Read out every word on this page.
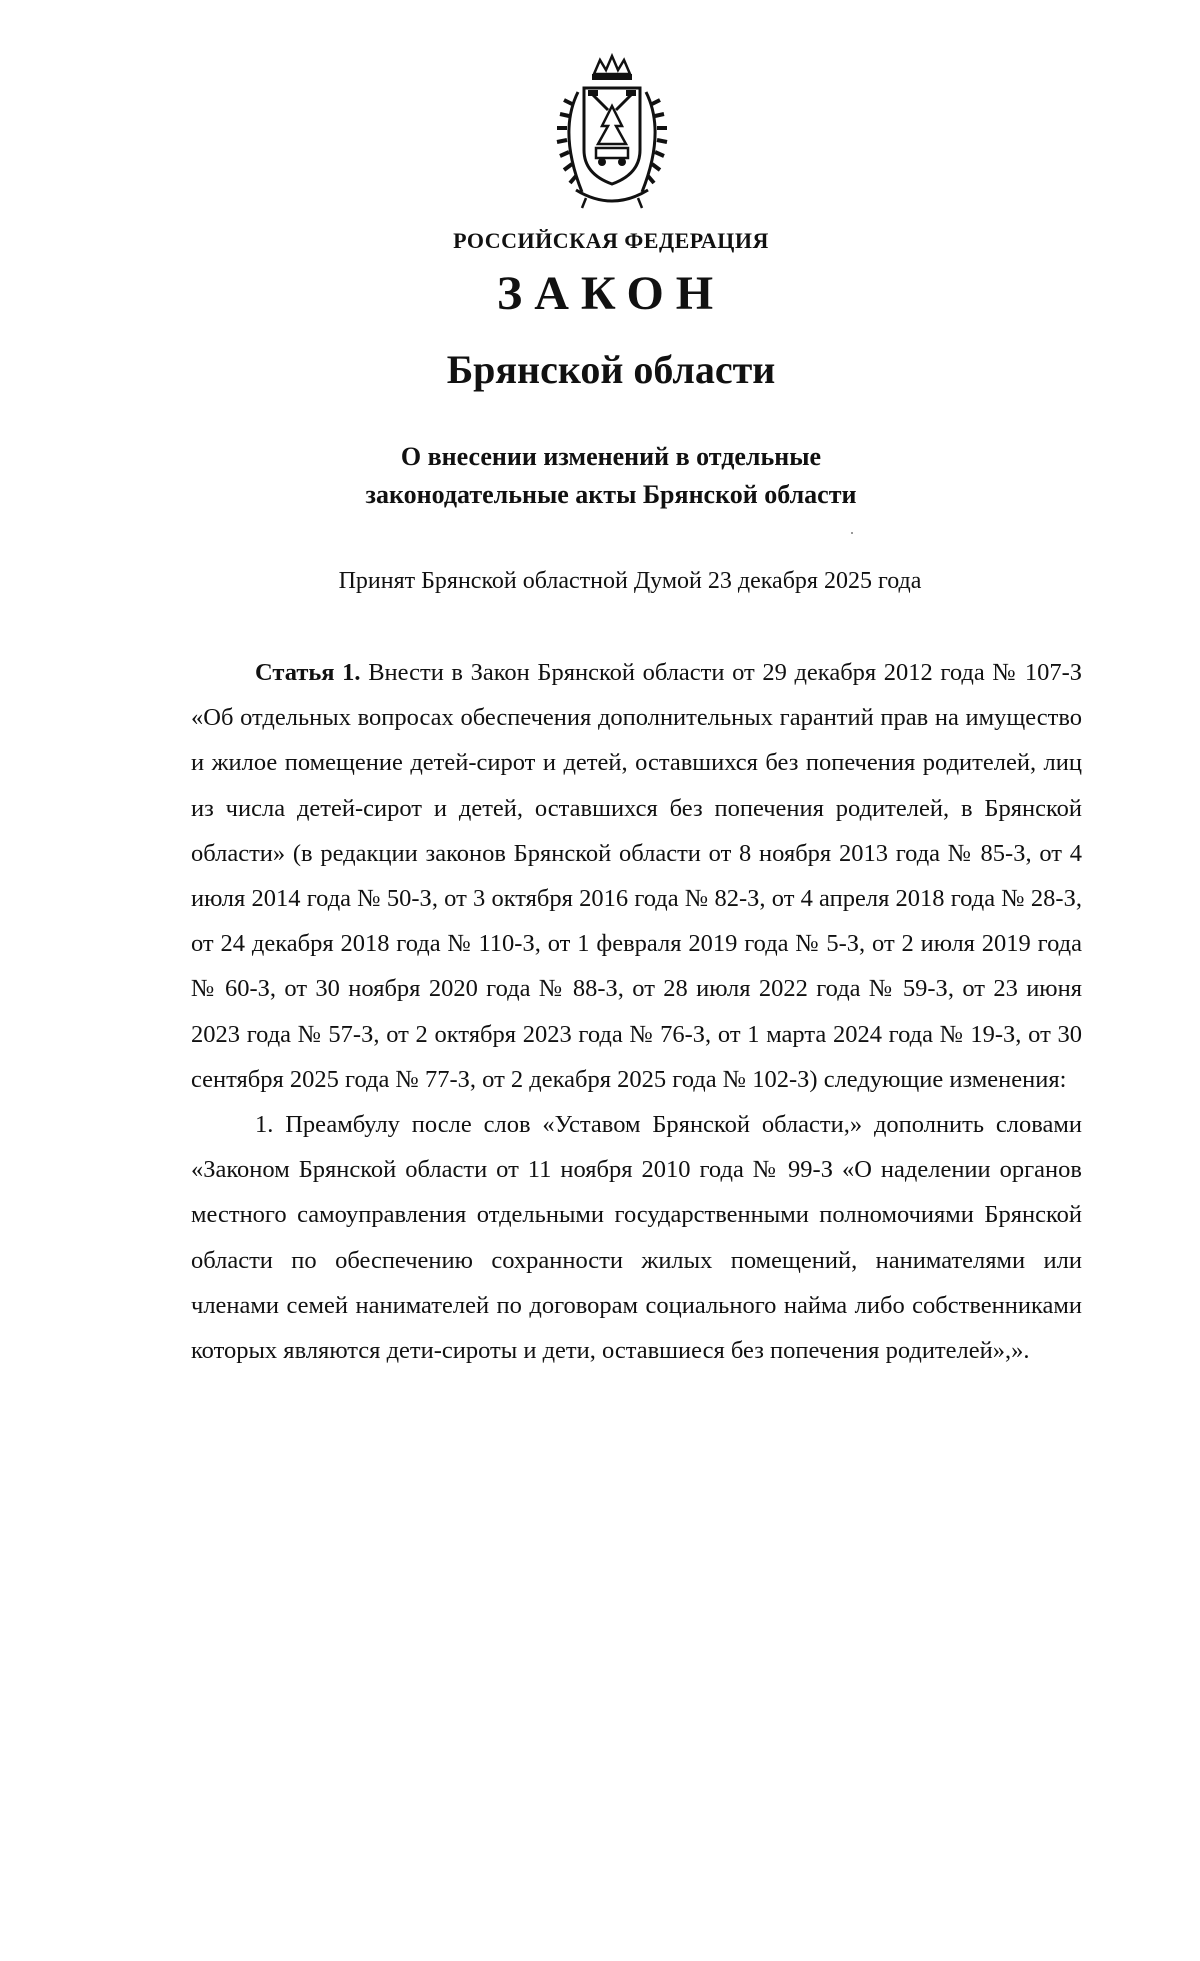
РОССИЙСКАЯ ФЕДЕРАЦИЯ
ЗАКОН
Брянской области
О внесении изменений в отдельные
законодательные акты Брянской области
Принят Брянской областной Думой 23 декабря 2025 года

Статья 1. Внести в Закон Брянской области от 29 декабря 2012 года № 107-З «Об отдельных вопросах обеспечения дополнительных гарантий прав на имущество и жилое помещение детей-сирот и детей, оставшихся без попечения родителей, лиц из числа детей-сирот и детей, оставшихся без попечения родителей, в Брянской области» (в редакции законов Брянской области от 8 ноября 2013 года № 85-З, от 4 июля 2014 года № 50-З, от 3 октября 2016 года № 82-З, от 4 апреля 2018 года № 28-З, от 24 декабря 2018 года № 110-З, от 1 февраля 2019 года № 5-З, от 2 июля 2019 года № 60-З, от 30 ноября 2020 года № 88-З, от 28 июля 2022 года № 59-З, от 23 июня 2023 года № 57-З, от 2 октября 2023 года № 76-З, от 1 марта 2024 года № 19-З, от 30 сентября 2025 года № 77-З, от 2 декабря 2025 года № 102-З) следующие изменения:

1. Преамбулу после слов «Уставом Брянской области,» дополнить словами «Законом Брянской области от 11 ноября 2010 года № 99-З «О наделении органов местного самоуправления отдельными государственными полномочиями Брянской области по обеспечению сохранности жилых помещений, нанимателями или членами семей нанимателей по договорам социального найма либо собственниками которых являются дети-сироты и дети, оставшиеся без попечения родителей»,».
